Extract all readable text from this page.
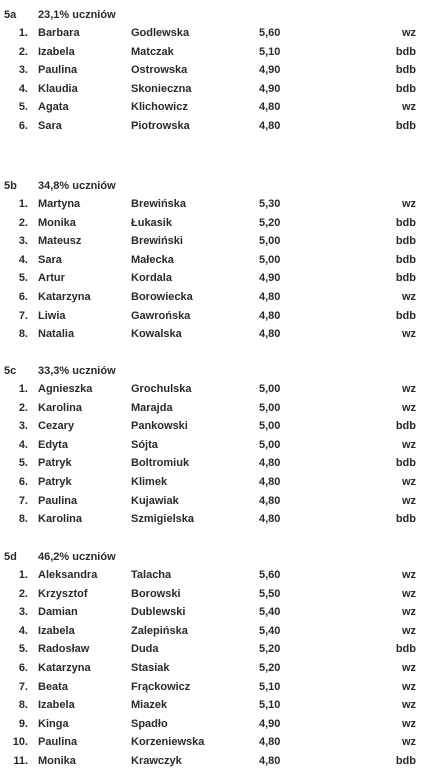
5a 23,1% uczniów
1. Barbara	Godlewska	5,60	wz
2. Izabela	Matczak	5,10	bdb
3. Paulina	Ostrowska	4,90	bdb
4. Klaudia	Skonieczna	4,90	bdb
5. Agata	Klichowicz	4,80	wz
6. Sara	Piotrowska	4,80	bdb
5b 34,8% uczniów
1. Martyna	Brewińska	5,30	wz
2. Monika	Łukasik	5,20	bdb
3. Mateusz	Brewiński	5,00	bdb
4. Sara	Małecka	5,00	bdb
5. Artur	Kordala	4,90	bdb
6. Katarzyna	Borowiecka	4,80	wz
7. Liwia	Gawrońska	4,80	bdb
8. Natalia	Kowalska	4,80	wz
5c 33,3% uczniów
1. Agnieszka	Grochulska	5,00	wz
2. Karolina	Marajda	5,00	wz
3. Cezary	Pankowski	5,00	bdb
4. Edyta	Sójta	5,00	wz
5. Patryk	Boltromiuk	4,80	bdb
6. Patryk	Klimek	4,80	wz
7. Paulina	Kujawiak	4,80	wz
8. Karolina	Szmigielska	4,80	bdb
5d 46,2% uczniów
1. Aleksandra	Talacha	5,60	wz
2. Krzysztof	Borowski	5,50	wz
3. Damian	Dublewski	5,40	wz
4. Izabela	Zalepińska	5,40	wz
5. Radosław	Duda	5,20	bdb
6. Katarzyna	Stasiak	5,20	wz
7. Beata	Frąckowicz	5,10	wz
8. Izabela	Miazek	5,10	wz
9. Kinga	Spadło	4,90	wz
10. Paulina	Korzeniewska	4,80	wz
11. Monika	Krawczyk	4,80	bdb
